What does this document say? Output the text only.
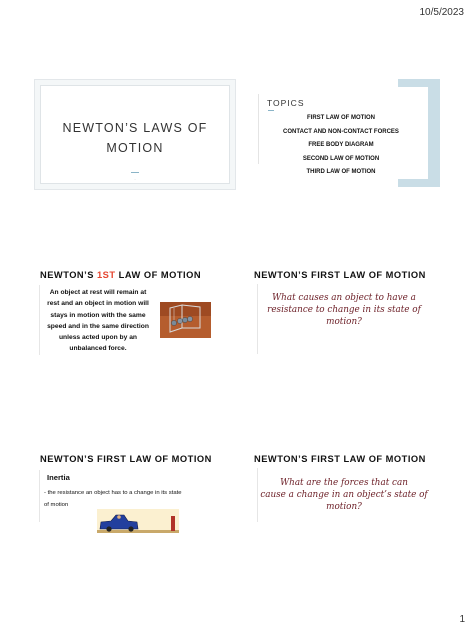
10/5/2023
NEWTON’S LAWS OF
MOTION
...
TOPICS
FIRST LAW OF MOTION
CONTACT AND NON-CONTACT FORCES
FREE BODY DIAGRAM
SECOND LAW OF MOTION
THIRD LAW OF MOTION
NEWTON’S 1ST LAW OF MOTION
An object at rest will remain at
rest and an object in motion will
stays in motion with the same
speed and in the same direction
unless acted upon by an
unbalanced force.
NEWTON’S FIRST LAW OF MOTION
What causes an object to have a
resistance to change in its state of
motion?
NEWTON’S FIRST LAW OF MOTION
Inertia
- the resistance an object has to a change in its state
of motion
NEWTON’S FIRST LAW OF MOTION
What are the forces that can
cause a change in an object’s state of
motion?
1
